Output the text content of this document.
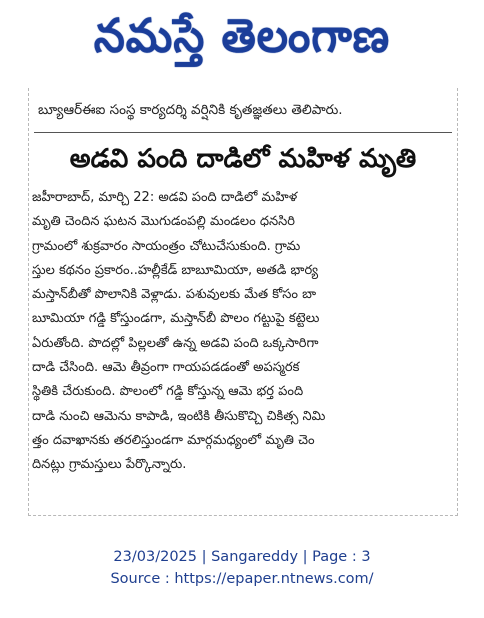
నమస్తే తెలంగాణ
బ్యూఆర్ఈఐ సంస్థ కార్యదర్శి వర్షినికి కృతజ్ఞతలు తెలిపారు.
అడవి పంది దాడిలో మహిళ మృతి
జహీరాబాద్, మార్చి 22: అడవి పంది దాడిలో మహిళ
మృతి చెందిన ఘటన మొగుడంపల్లి మండలం ధనసిరి
గ్రామంలో శుక్రవారం సాయంత్రం చోటుచేసుకుంది. గ్రామ
స్తుల కథనం ప్రకారం..హల్లీకేడ్ బాబూమియా, అతడి భార్య
మస్తాన్‌బీతో పొలానికి వెళ్లాడు. పశువులకు మేత కోసం బా
బూమియా గడ్డి కోస్తుండగా, మస్తాన్‌బీ పొలం గట్టుపై కట్టెలు
ఏరుతోంది. పొదల్లో పిల్లలతో ఉన్న అడవి పంది ఒక్కసారిగా
దాడి చేసింది. ఆమె తీవ్రంగా గాయపడడంతో అపస్మరక
స్థితికి చేరుకుంది. పొలంలో గడ్డి కోస్తున్న ఆమె భర్త పంది
దాడి నుంచి ఆమెను కాపాడి, ఇంటికి తీసుకొచ్చి చికిత్స నిమి
త్తం దవాఖానకు తరలిస్తుండగా మార్గమధ్యంలో మృతి చెం
దినట్లు గ్రామస్తులు పేర్కొన్నారు.
23/03/2025 | Sangareddy | Page : 3
Source : https://epaper.ntnews.com/
